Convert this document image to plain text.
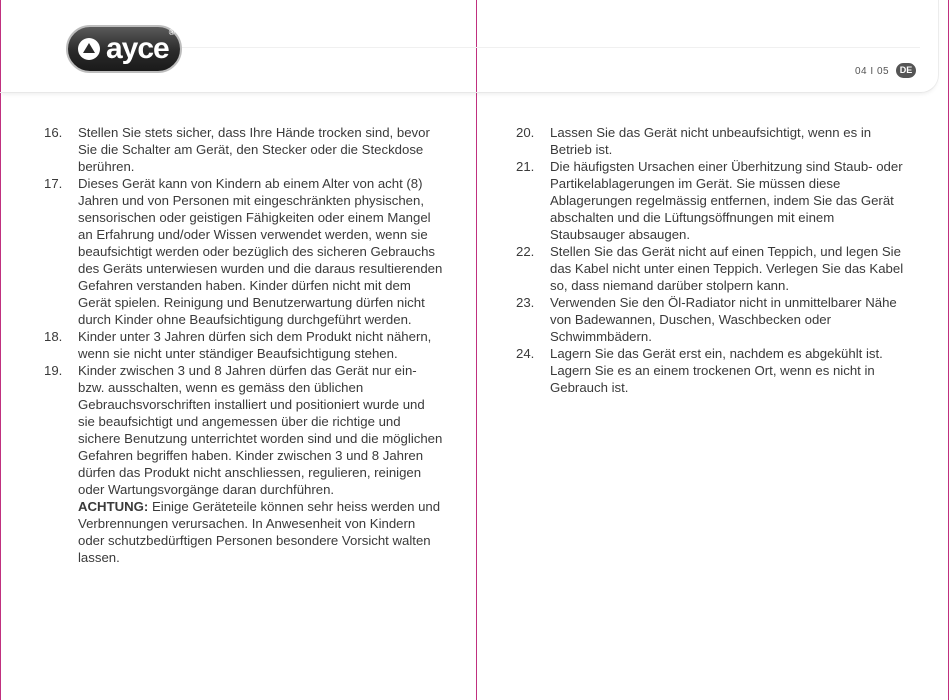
ayce®
04 I 05	DE
16.	Stellen Sie stets sicher, dass Ihre Hände trocken sind, bevor Sie die Schalter am Gerät, den Stecker oder die Steckdose berühren.
17.	Dieses Gerät kann von Kindern ab einem Alter von acht (8) Jahren und von Personen mit eingeschränkten physischen, sensorischen oder geistigen Fähigkeiten oder einem Mangel an Erfahrung und/oder Wissen verwendet werden, wenn sie beaufsichtigt werden oder bezüglich des sicheren Gebrauchs des Geräts unterwiesen wurden und die daraus resultierenden Gefahren verstanden haben. Kinder dürfen nicht mit dem Gerät spielen. Reinigung und Benutzerwartung dürfen nicht durch Kinder ohne Beaufsichtigung durchgeführt werden.
18.	Kinder unter 3 Jahren dürfen sich dem Produkt nicht nähern, wenn sie nicht unter ständiger Beaufsichtigung stehen.
19.	Kinder zwischen 3 und 8 Jahren dürfen das Gerät nur ein- bzw. ausschalten, wenn es gemäss den üblichen Gebrauchsvorschriften installiert und positioniert wurde und sie beaufsichtigt und angemessen über die richtige und sichere Benutzung unterrichtet worden sind und die möglichen Gefahren begriffen haben. Kinder zwischen 3 und 8 Jahren dürfen das Produkt nicht anschliessen, regulieren, reinigen oder Wartungsvorgänge daran durchführen.
ACHTUNG: Einige Geräteteile können sehr heiss werden und Verbrennungen verursachen. In Anwesenheit von Kindern oder schutzbedürftigen Personen besondere Vorsicht walten lassen.
20.	Lassen Sie das Gerät nicht unbeaufsichtigt, wenn es in Betrieb ist.
21.	Die häufigsten Ursachen einer Überhitzung sind Staub- oder Partikelablagerungen im Gerät. Sie müssen diese Ablagerungen regelmässig entfernen, indem Sie das Gerät abschalten und die Lüftungsöffnungen mit einem Staubsauger absaugen.
22.	Stellen Sie das Gerät nicht auf einen Teppich, und legen Sie das Kabel nicht unter einen Teppich. Verlegen Sie das Kabel so, dass niemand darüber stolpern kann.
23.	Verwenden Sie den Öl-Radiator nicht in unmittelbarer Nähe von Badewannen, Duschen, Waschbecken oder Schwimmbädern.
24.	Lagern Sie das Gerät erst ein, nachdem es abgekühlt ist. Lagern Sie es an einem trockenen Ort, wenn es nicht in Gebrauch ist.
